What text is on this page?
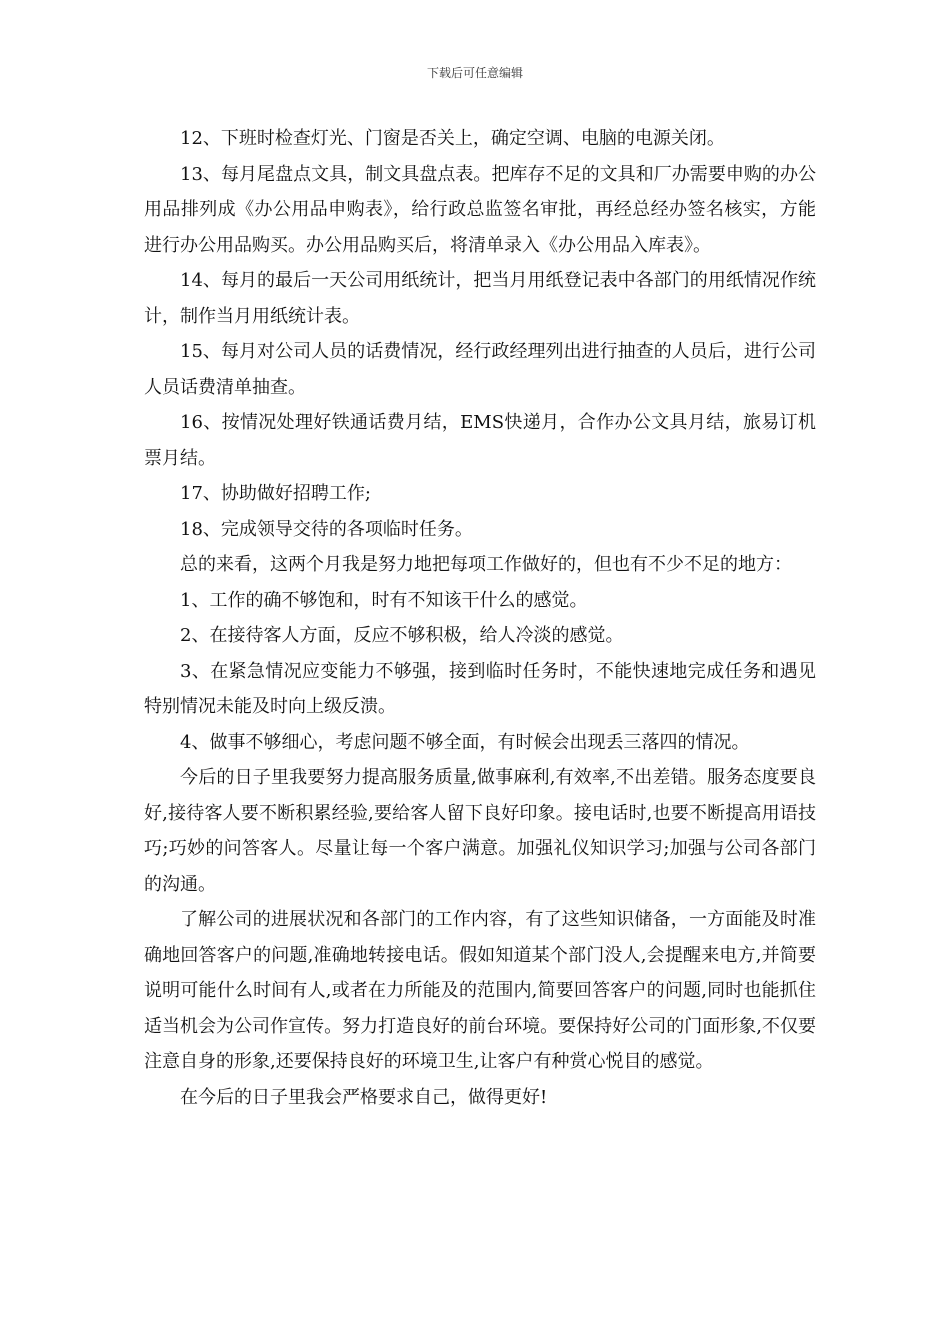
下载后可任意编辑

12、下班时检查灯光、门窗是否关上，确定空调、电脑的电源关闭。

13、每月尾盘点文具，制文具盘点表。把库存不足的文具和厂办需要申购的办公用品排列成《办公用品申购表》，给行政总监签名审批，再经总经办签名核实，方能进行办公用品购买。办公用品购买后，将清单录入《办公用品入库表》。

14、每月的最后一天公司用纸统计，把当月用纸登记表中各部门的用纸情况作统计，制作当月用纸统计表。

15、每月对公司人员的话费情况，经行政经理列出进行抽查的人员后，进行公司人员话费清单抽查。

16、按情况处理好铁通话费月结，EMS快递月，合作办公文具月结，旅易订机票月结。

17、协助做好招聘工作;

18、完成领导交待的各项临时任务。

总的来看，这两个月我是努力地把每项工作做好的，但也有不少不足的地方：

1、工作的确不够饱和，时有不知该干什么的感觉。

2、在接待客人方面，反应不够积极，给人冷淡的感觉。

3、在紧急情况应变能力不够强，接到临时任务时，不能快速地完成任务和遇见特别情况未能及时向上级反溃。

4、做事不够细心，考虑问题不够全面，有时候会出现丢三落四的情况。

今后的日子里我要努力提高服务质量,做事麻利,有效率,不出差错。服务态度要良好,接待客人要不断积累经验,要给客人留下良好印象。接电话时,也要不断提高用语技巧;巧妙的问答客人。尽量让每一个客户满意。加强礼仪知识学习;加强与公司各部门的沟通。

了解公司的进展状况和各部门的工作内容，有了这些知识储备，一方面能及时准确地回答客户的问题,准确地转接电话。假如知道某个部门没人,会提醒来电方,并简要说明可能什么时间有人,或者在力所能及的范围内,简要回答客户的问题,同时也能抓住适当机会为公司作宣传。努力打造良好的前台环境。要保持好公司的门面形象,不仅要注意自身的形象,还要保持良好的环境卫生,让客户有种赏心悦目的感觉。

在今后的日子里我会严格要求自己，做得更好!
